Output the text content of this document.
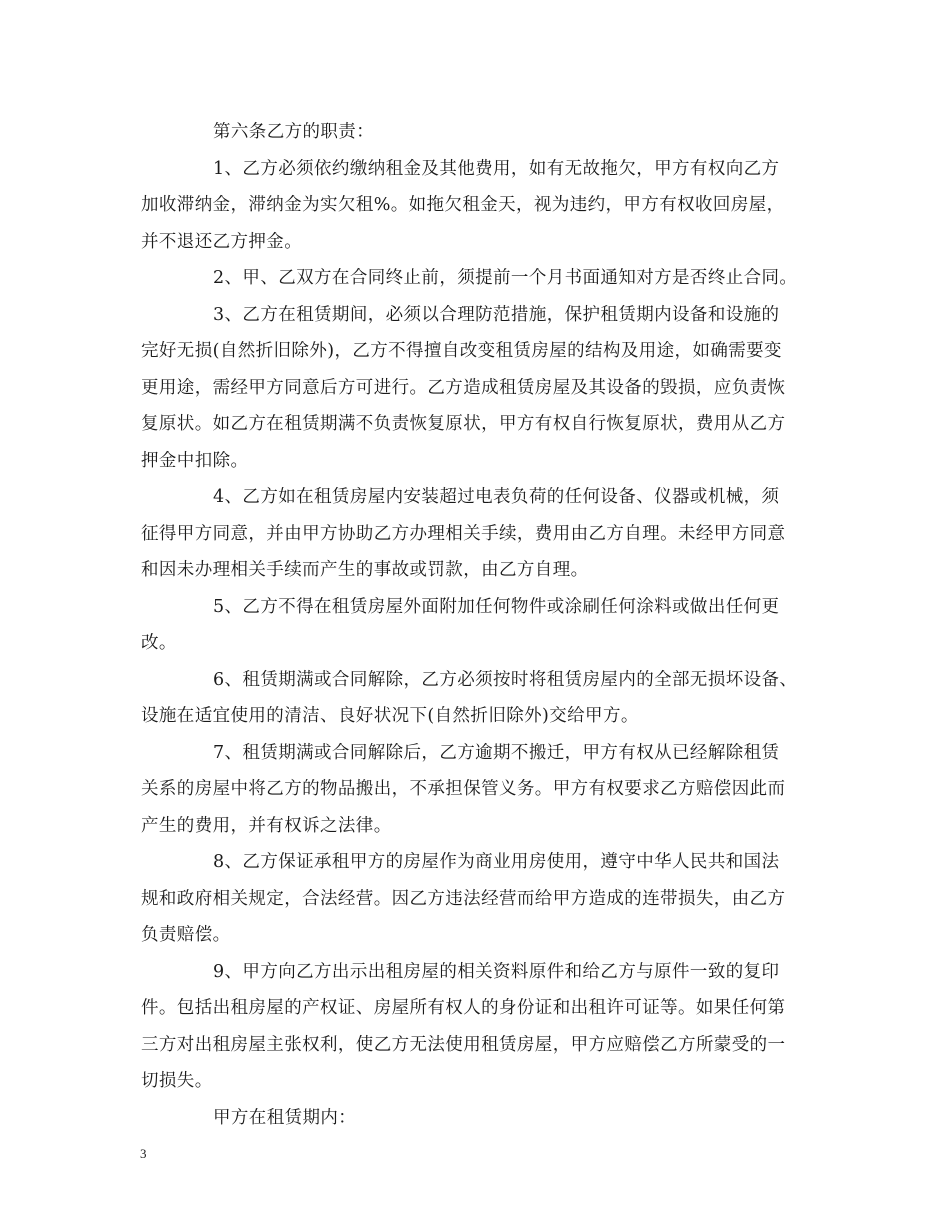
第六条乙方的职责：

1、乙方必须依约缴纳租金及其他费用，如有无故拖欠，甲方有权向乙方
加收滞纳金，滞纳金为实欠租%。如拖欠租金天，视为违约，甲方有权收回房屋，
并不退还乙方押金。

2、甲、乙双方在合同终止前，须提前一个月书面通知对方是否终止合同。

3、乙方在租赁期间，必须以合理防范措施，保护租赁期内设备和设施的
完好无损(自然折旧除外)，乙方不得擅自改变租赁房屋的结构及用途，如确需要变
更用途，需经甲方同意后方可进行。乙方造成租赁房屋及其设备的毁损，应负责恢
复原状。如乙方在租赁期满不负责恢复原状，甲方有权自行恢复原状，费用从乙方
押金中扣除。

4、乙方如在租赁房屋内安装超过电表负荷的任何设备、仪器或机械，须
征得甲方同意，并由甲方协助乙方办理相关手续，费用由乙方自理。未经甲方同意
和因未办理相关手续而产生的事故或罚款，由乙方自理。

5、乙方不得在租赁房屋外面附加任何物件或涂刷任何涂料或做出任何更
改。

6、租赁期满或合同解除，乙方必须按时将租赁房屋内的全部无损坏设备、
设施在适宜使用的清洁、良好状况下(自然折旧除外)交给甲方。

7、租赁期满或合同解除后，乙方逾期不搬迁，甲方有权从已经解除租赁
关系的房屋中将乙方的物品搬出，不承担保管义务。甲方有权要求乙方赔偿因此而
产生的费用，并有权诉之法律。

8、乙方保证承租甲方的房屋作为商业用房使用，遵守中华人民共和国法
规和政府相关规定，合法经营。因乙方违法经营而给甲方造成的连带损失，由乙方
负责赔偿。

9、甲方向乙方出示出租房屋的相关资料原件和给乙方与原件一致的复印
件。包括出租房屋的产权证、房屋所有权人的身份证和出租许可证等。如果任何第
三方对出租房屋主张权利，使乙方无法使用租赁房屋，甲方应赔偿乙方所蒙受的一
切损失。

甲方在租赁期内：

3
